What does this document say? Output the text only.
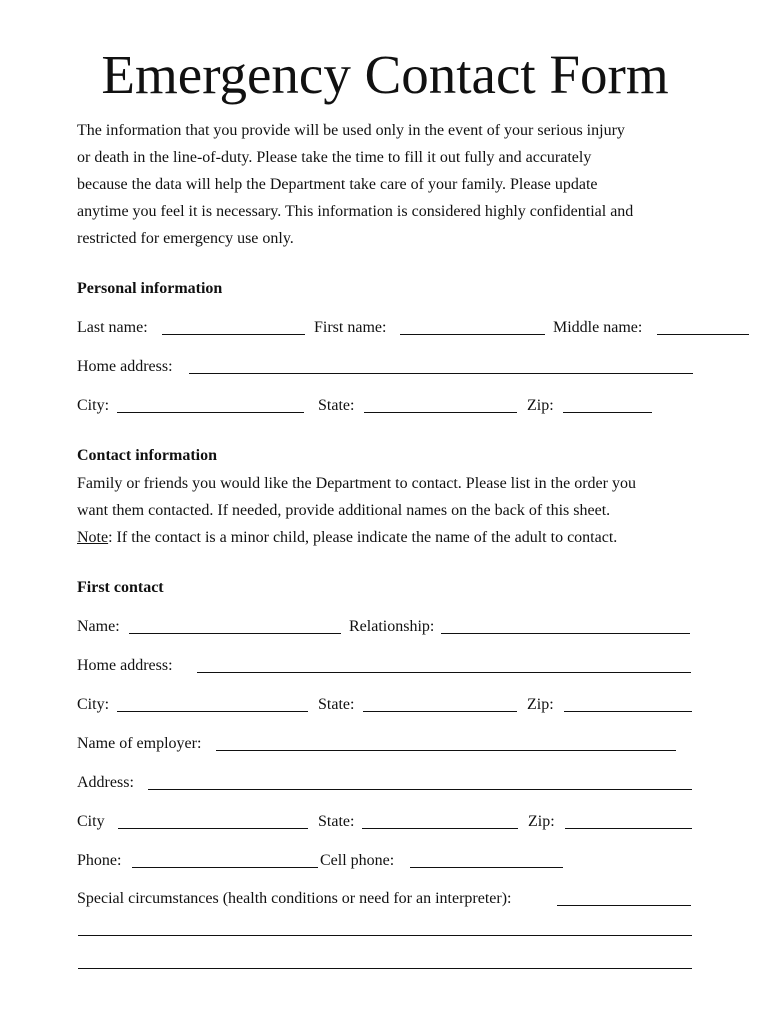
Emergency Contact Form

The information that you provide will be used only in the event of your serious injury
or death in the line-of-duty. Please take the time to fill it out fully and accurately
because the data will help the Department take care of your family. Please update
anytime you feel it is necessary. This information is considered highly confidential and
restricted for emergency use only.

Personal information
Last name:	First name:	Middle name:
Home address:
City:	State:	Zip:
Contact information

Family or friends you would like the Department to contact. Please list in the order you
want them contacted. If needed, provide additional names on the back of this sheet.
Note: If the contact is a minor child, please indicate the name of the adult to contact.

First contact
Name:	Relationship:
Home address:
City:	State:	Zip:
Name of employer:
Address:
City	State:	Zip:
Phone:	Cell phone:
Special circumstances (health conditions or need for an interpreter):
